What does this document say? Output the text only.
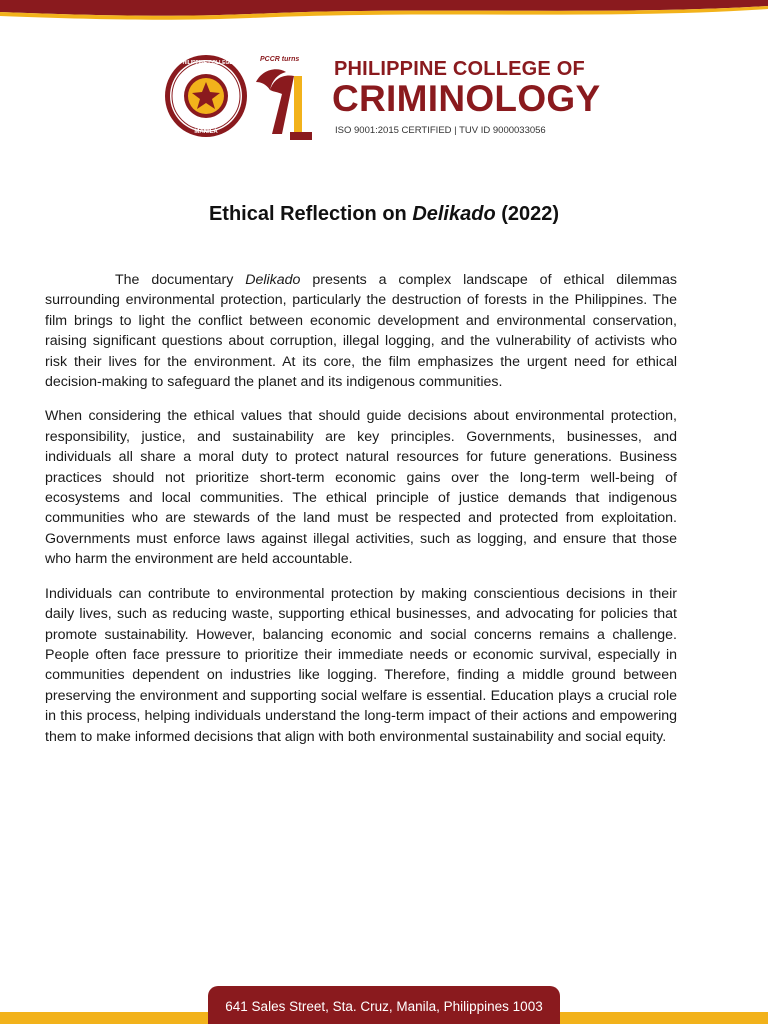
PHILIPPINE COLLEGE
MANILA
PCCR turns PHILIPPINE COLLEGE OF
CRIMINOLOGY
ISO 9001:2015 CERTIFIED | TUV ID 9000033056
Ethical Reflection on Delikado (2022)

The documentary Delikado presents a complex landscape of ethical dilemmas surrounding environmental protection, particularly the destruction of forests in the Philippines. The film brings to light the conflict between economic development and environmental conservation, raising significant questions about corruption, illegal logging, and the vulnerability of activists who risk their lives for the environment. At its core, the film emphasizes the urgent need for ethical decision-making to safeguard the planet and its indigenous communities.

When considering the ethical values that should guide decisions about environmental protection, responsibility, justice, and sustainability are key principles. Governments, businesses, and individuals all share a moral duty to protect natural resources for future generations. Business practices should not prioritize short-term economic gains over the long-term well-being of ecosystems and local communities. The ethical principle of justice demands that indigenous communities who are stewards of the land must be respected and protected from exploitation. Governments must enforce laws against illegal activities, such as logging, and ensure that those who harm the environment are held accountable.

Individuals can contribute to environmental protection by making conscientious decisions in their daily lives, such as reducing waste, supporting ethical businesses, and advocating for policies that promote sustainability. However, balancing economic and social concerns remains a challenge. People often face pressure to prioritize their immediate needs or economic survival, especially in communities dependent on industries like logging. Therefore, finding a middle ground between preserving the environment and supporting social welfare is essential. Education plays a crucial role in this process, helping individuals understand the long-term impact of their actions and empowering them to make informed decisions that align with both environmental sustainability and social equity.

641 Sales Street, Sta. Cruz, Manila, Philippines 1003
